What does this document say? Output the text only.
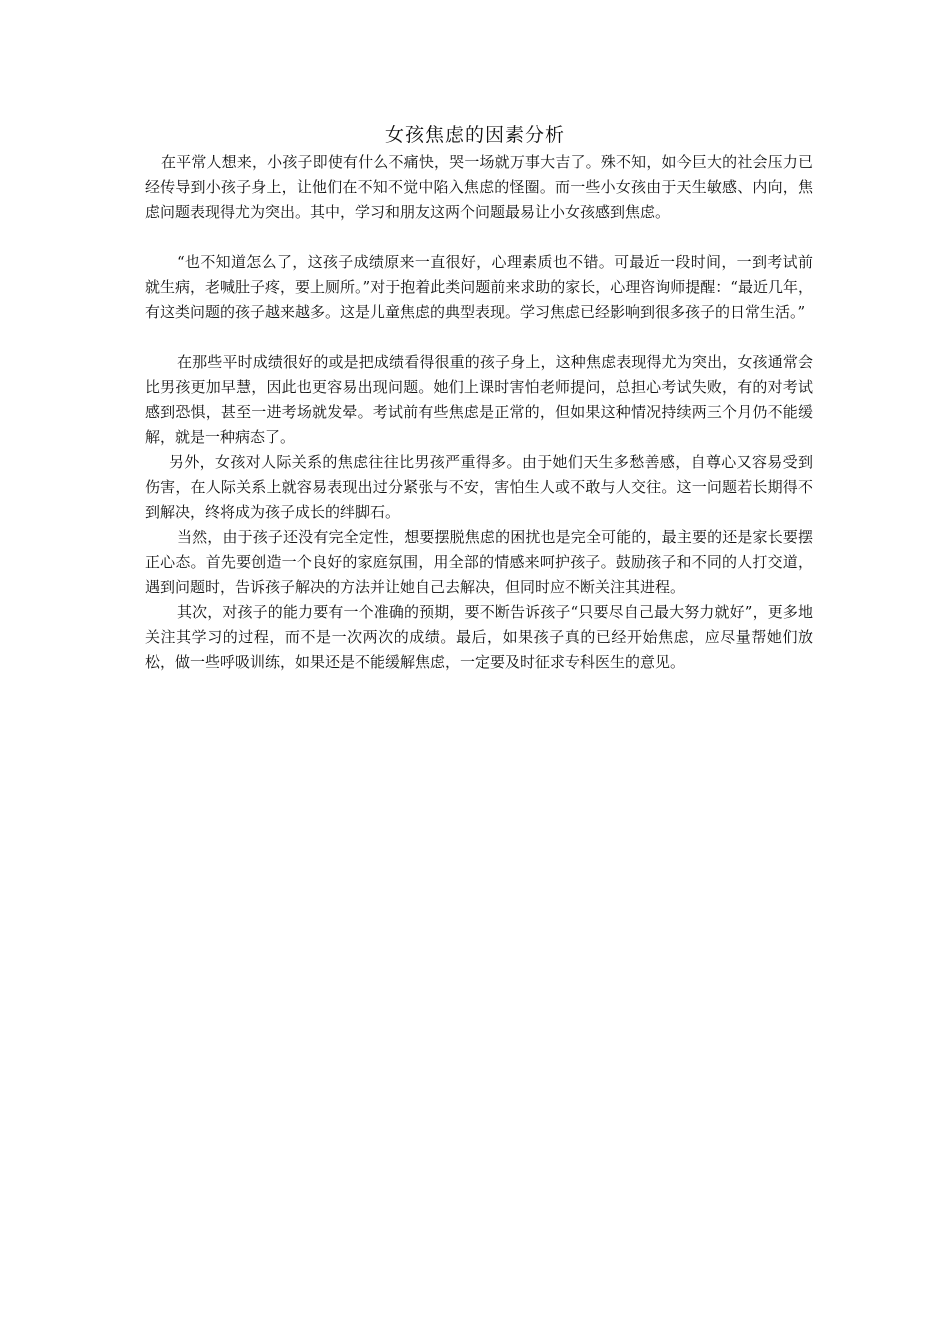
女孩焦虑的因素分析

在平常人想来，小孩子即使有什么不痛快，哭一场就万事大吉了。殊不知，如今巨大的社会压力已经传导到小孩子身上，让他们在不知不觉中陷入焦虑的怪圈。而一些小女孩由于天生敏感、内向，焦虑问题表现得尤为突出。其中，学习和朋友这两个问题最易让小女孩感到焦虑。

“也不知道怎么了，这孩子成绩原来一直很好，心理素质也不错。可最近一段时间，一到考试前就生病，老喊肚子疼，要上厕所。”对于抱着此类问题前来求助的家长，心理咨询师提醒：“最近几年，有这类问题的孩子越来越多。这是儿童焦虑的典型表现。学习焦虑已经影响到很多孩子的日常生活。”

在那些平时成绩很好的或是把成绩看得很重的孩子身上，这种焦虑表现得尤为突出，女孩通常会比男孩更加早慧，因此也更容易出现问题。她们上课时害怕老师提问，总担心考试失败，有的对考试感到恐惧，甚至一进考场就发晕。考试前有些焦虑是正常的，但如果这种情况持续两三个月仍不能缓解，就是一种病态了。

另外，女孩对人际关系的焦虑往往比男孩严重得多。由于她们天生多愁善感，自尊心又容易受到伤害，在人际关系上就容易表现出过分紧张与不安，害怕生人或不敢与人交往。这一问题若长期得不到解决，终将成为孩子成长的绊脚石。

当然，由于孩子还没有完全定性，想要摆脱焦虑的困扰也是完全可能的，最主要的还是家长要摆正心态。首先要创造一个良好的家庭氛围，用全部的情感来呵护孩子。鼓励孩子和不同的人打交道，遇到问题时，告诉孩子解决的方法并让她自己去解决，但同时应不断关注其进程。

其次，对孩子的能力要有一个准确的预期，要不断告诉孩子“只要尽自己最大努力就好”，更多地关注其学习的过程，而不是一次两次的成绩。最后，如果孩子真的已经开始焦虑，应尽量帮她们放松，做一些呼吸训练，如果还是不能缓解焦虑，一定要及时征求专科医生的意见。
